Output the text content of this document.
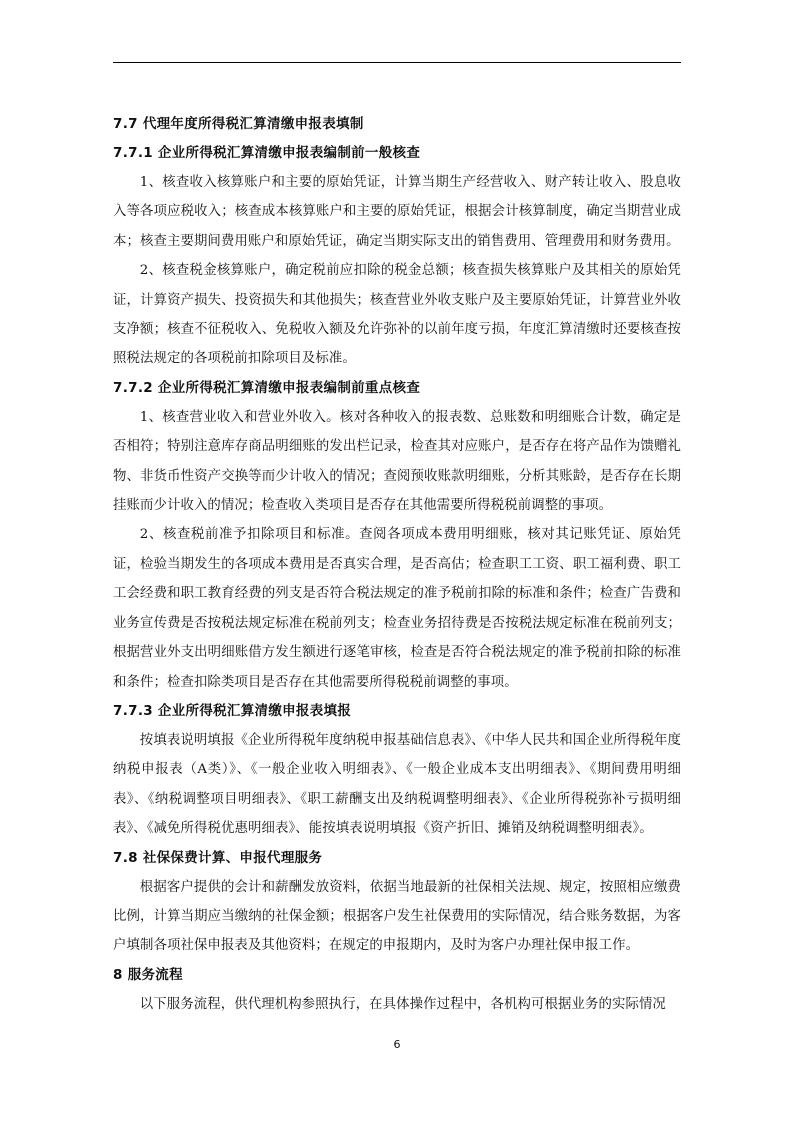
7.7 代理年度所得税汇算清缴申报表填制
7.7.1 企业所得税汇算清缴申报表编制前一般核查

1、核查收入核算账户和主要的原始凭证，计算当期生产经营收入、财产转让收入、股息收入等各项应税收入；核查成本核算账户和主要的原始凭证，根据会计核算制度，确定当期营业成本；核查主要期间费用账户和原始凭证，确定当期实际支出的销售费用、管理费用和财务费用。

2、核查税金核算账户，确定税前应扣除的税金总额；核查损失核算账户及其相关的原始凭证，计算资产损失、投资损失和其他损失；核查营业外收支账户及主要原始凭证，计算营业外收支净额；核查不征税收入、免税收入额及允许弥补的以前年度亏损，年度汇算清缴时还要核查按照税法规定的各项税前扣除项目及标准。

7.7.2 企业所得税汇算清缴申报表编制前重点核查

1、核查营业收入和营业外收入。核对各种收入的报表数、总账数和明细账合计数，确定是否相符；特别注意库存商品明细账的发出栏记录，检查其对应账户，是否存在将产品作为馈赠礼物、非货币性资产交换等而少计收入的情况；查阅预收账款明细账，分析其账龄，是否存在长期挂账而少计收入的情况；检查收入类项目是否存在其他需要所得税税前调整的事项。

2、核查税前准予扣除项目和标准。查阅各项成本费用明细账，核对其记账凭证、原始凭证，检验当期发生的各项成本费用是否真实合理，是否高估；检查职工工资、职工福利费、职工工会经费和职工教育经费的列支是否符合税法规定的准予税前扣除的标准和条件；检查广告费和业务宣传费是否按税法规定标准在税前列支；检查业务招待费是否按税法规定标准在税前列支；根据营业外支出明细账借方发生额进行逐笔审核，检查是否符合税法规定的准予税前扣除的标准和条件；检查扣除类项目是否存在其他需要所得税税前调整的事项。

7.7.3 企业所得税汇算清缴申报表填报

按填表说明填报《企业所得税年度纳税申报基础信息表》、《中华人民共和国企业所得税年度纳税申报表（A类）》、《一般企业收入明细表》、《一般企业成本支出明细表》、《期间费用明细表》、《纳税调整项目明细表》、《职工薪酬支出及纳税调整明细表》、《企业所得税弥补亏损明细表》、《减免所得税优惠明细表》、能按填表说明填报《资产折旧、摊销及纳税调整明细表》。

7.8 社保保费计算、申报代理服务

根据客户提供的会计和薪酬发放资料，依据当地最新的社保相关法规、规定，按照相应缴费比例，计算当期应当缴纳的社保金额；根据客户发生社保费用的实际情况，结合账务数据，为客户填制各项社保申报表及其他资料；在规定的申报期内，及时为客户办理社保申报工作。

8 服务流程

以下服务流程，供代理机构参照执行，在具体操作过程中，各机构可根据业务的实际情况

6
